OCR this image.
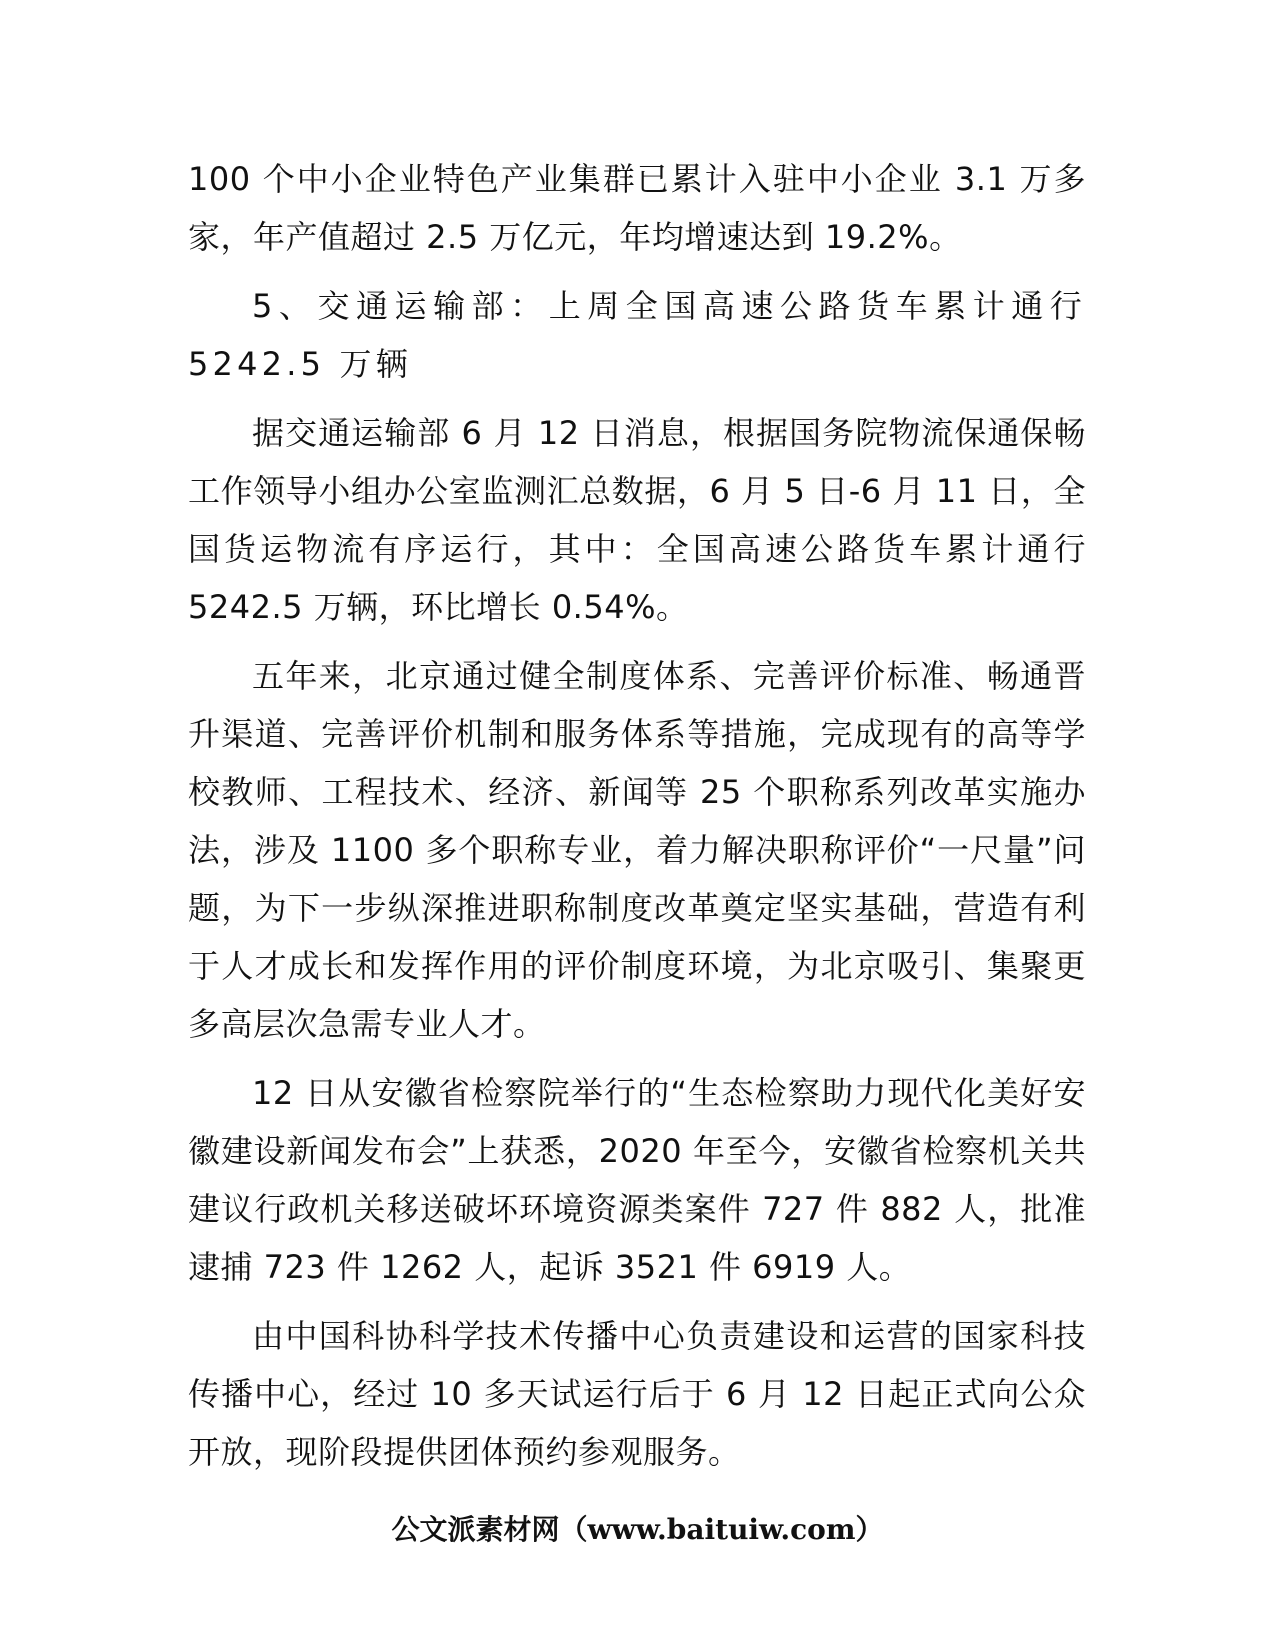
100 个中小企业特色产业集群已累计入驻中小企业 3.1 万多家，年产值超过 2.5 万亿元，年均增速达到 19.2%。

5、交通运输部：上周全国高速公路货车累计通行 5242.5 万辆

据交通运输部 6 月 12 日消息，根据国务院物流保通保畅工作领导小组办公室监测汇总数据，6 月 5 日-6 月 11 日，全国货运物流有序运行，其中：全国高速公路货车累计通行 5242.5 万辆，环比增长 0.54%。

五年来，北京通过健全制度体系、完善评价标准、畅通晋升渠道、完善评价机制和服务体系等措施，完成现有的高等学校教师、工程技术、经济、新闻等 25 个职称系列改革实施办法，涉及 1100 多个职称专业，着力解决职称评价“一尺量”问题，为下一步纵深推进职称制度改革奠定坚实基础，营造有利于人才成长和发挥作用的评价制度环境，为北京吸引、集聚更多高层次急需专业人才。

12 日从安徽省检察院举行的“生态检察助力现代化美好安徽建设新闻发布会”上获悉，2020 年至今，安徽省检察机关共建议行政机关移送破坏环境资源类案件 727 件 882 人，批准逮捕 723 件 1262 人，起诉 3521 件 6919 人。

由中国科协科学技术传播中心负责建设和运营的国家科技传播中心，经过 10 多天试运行后于 6 月 12 日起正式向公众开放，现阶段提供团体预约参观服务。

公文派素材网（www.baituiw.com）
